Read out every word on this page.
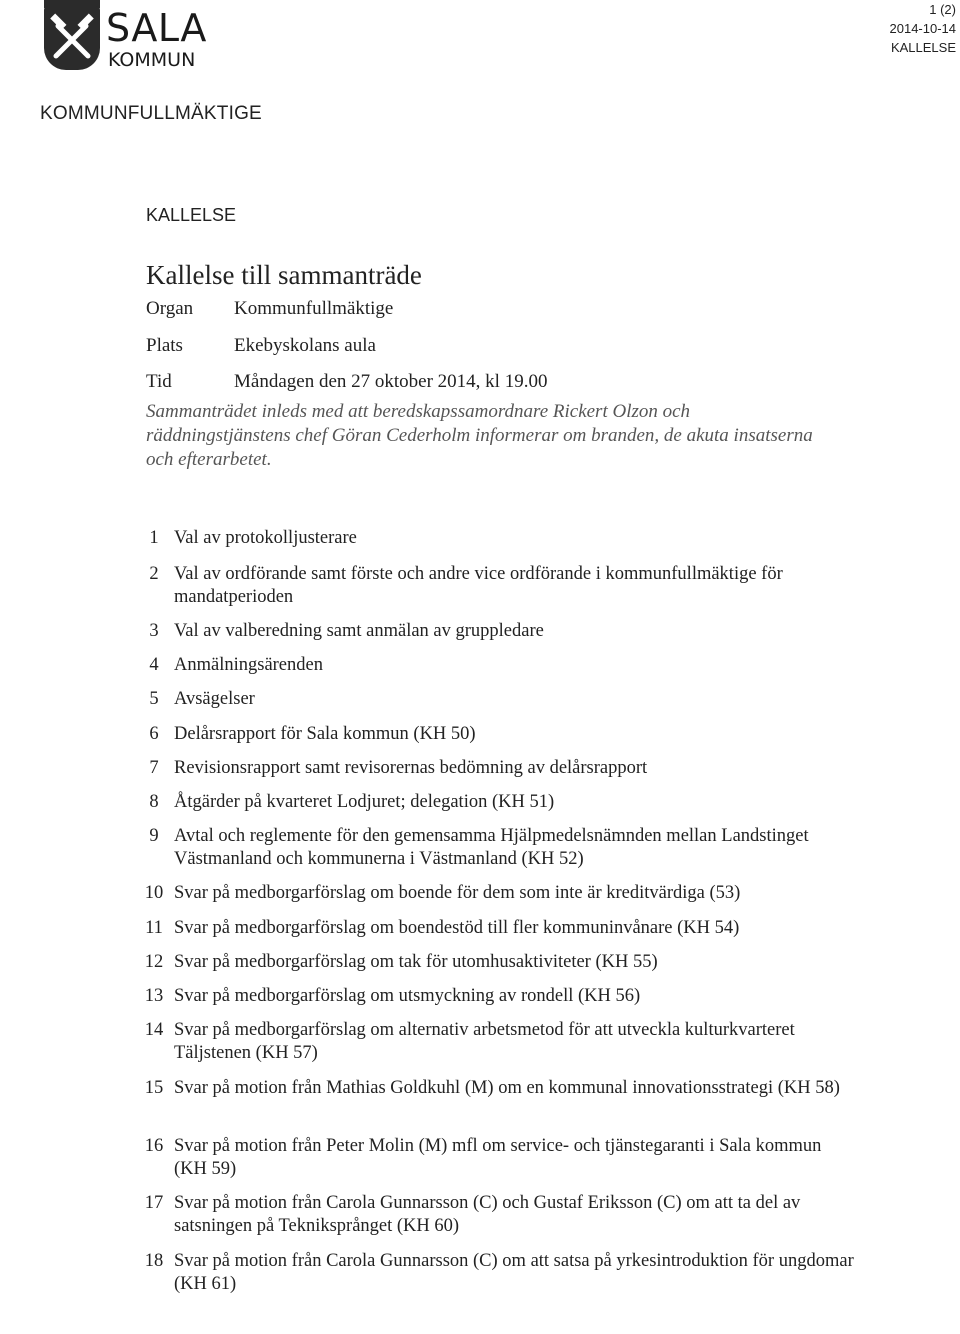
SALA
KOMMUN
1 (2)
2014-10-14
KALLELSE
KOMMUNFULLMÄKTIGE
KALLELSE
Kallelse till sammanträde
Organ Kommunfullmäktige
Plats	Ekebyskolans aula
Tid	Måndagen den 27 oktober 2014, kl 19.00
Sammanträdet inleds med att beredskapssamordnare Rickert Olzon och räddningstjänstens chef Göran Cederholm informerar om branden, de akuta insatserna och efterarbetet.
1 Val av protokolljusterare
2 Val av ordförande samt förste och andre vice ordförande i kommunfullmäktige för mandatperioden
3 Val av valberedning samt anmälan av gruppledare
4 Anmälningsärenden
5 Avsägelser
6 Delårsrapport för Sala kommun (KH 50)
7 Revisionsrapport samt revisorernas bedömning av delårsrapport
8 Åtgärder på kvarteret Lodjuret; delegation (KH 51)
9 Avtal och reglemente för den gemensamma Hjälpmedelsnämnden mellan Landstinget Västmanland och kommunerna i Västmanland (KH 52)
10 Svar på medborgarförslag om boende för dem som inte är kreditvärdiga (53)
11 Svar på medborgarförslag om boendestöd till fler kommuninvånare (KH 54)
12 Svar på medborgarförslag om tak för utomhusaktiviteter (KH 55)
13 Svar på medborgarförslag om utsmyckning av rondell (KH 56)
14 Svar på medborgarförslag om alternativ arbetsmetod för att utveckla kulturkvarteret Täljstenen (KH 57)
15 Svar på motion från Mathias Goldkuhl (M) om en kommunal innovationsstrategi (KH 58)
16 Svar på motion från Peter Molin (M) mfl om service- och tjänstegaranti i Sala kommun (KH 59)
17 Svar på motion från Carola Gunnarsson (C) och Gustaf Eriksson (C) om att ta del av satsningen på Tekniksprånget (KH 60)
18 Svar på motion från Carola Gunnarsson (C) om att satsa på yrkesintroduktion för ungdomar (KH 61)
